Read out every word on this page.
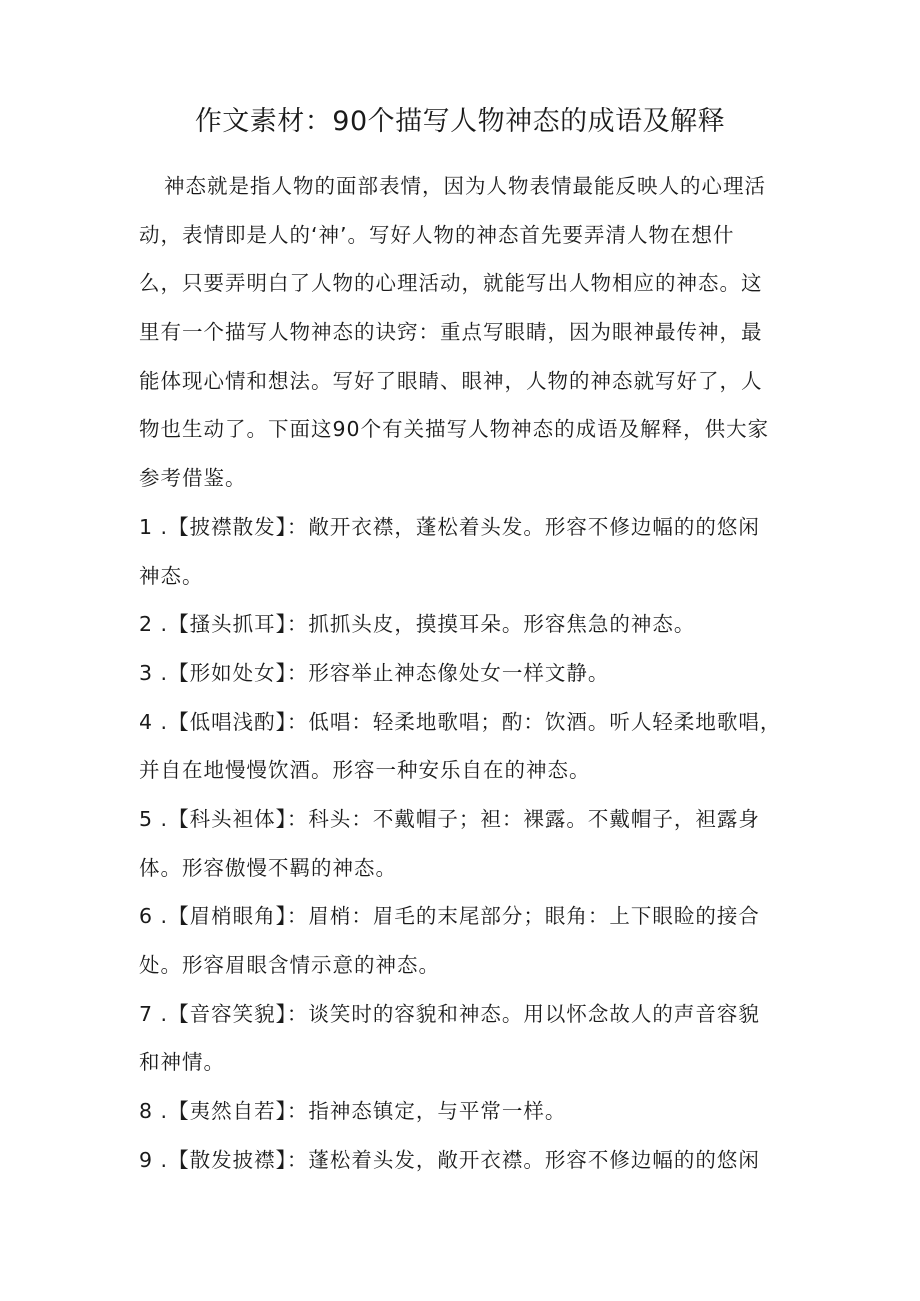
作文素材：90个描写人物神态的成语及解释
神态就是指人物的面部表情，因为人物表情最能反映人的心理活
动，表情即是人的‘神’。写好人物的神态首先要弄清人物在想什
么，只要弄明白了人物的心理活动，就能写出人物相应的神态。这
里有一个描写人物神态的诀窍：重点写眼睛，因为眼神最传神，最
能体现心情和想法。写好了眼睛、眼神，人物的神态就写好了，人
物也生动了。下面这90个有关描写人物神态的成语及解释，供大家
参考借鉴。
1 .【披襟散发】：敞开衣襟，蓬松着头发。形容不修边幅的的悠闲
神态。
2 .【搔头抓耳】：抓抓头皮，摸摸耳朵。形容焦急的神态。
3 .【形如处女】：形容举止神态像处女一样文静。
4 .【低唱浅酌】：低唱：轻柔地歌唱；酌：饮酒。听人轻柔地歌唱，
并自在地慢慢饮酒。形容一种安乐自在的神态。
5 .【科头袒体】：科头：不戴帽子；袒：裸露。不戴帽子，袒露身
体。形容傲慢不羁的神态。
6 .【眉梢眼角】：眉梢：眉毛的末尾部分；眼角：上下眼睑的接合
处。形容眉眼含情示意的神态。
7 .【音容笑貌】：谈笑时的容貌和神态。用以怀念故人的声音容貌
和神情。
8 .【夷然自若】：指神态镇定，与平常一样。
9 .【散发披襟】：蓬松着头发，敞开衣襟。形容不修边幅的的悠闲
